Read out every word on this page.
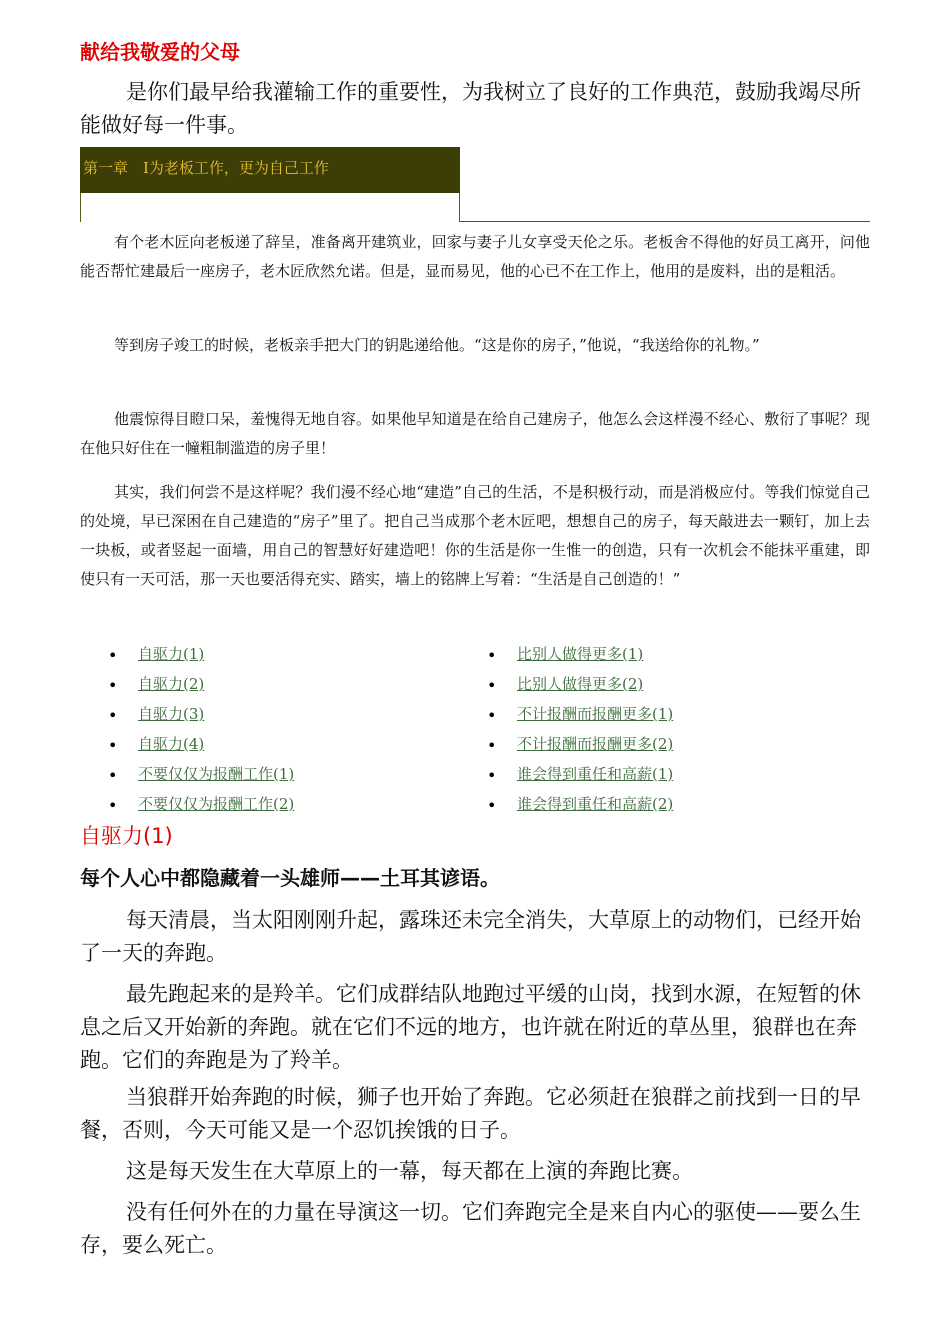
献给我敬爱的父母

是你们最早给我灌输工作的重要性，为我树立了良好的工作典范，鼓励我竭尽所能做好每一件事。

第一章　Ⅰ为老板工作，更为自己工作

有个老木匠向老板递了辞呈，准备离开建筑业，回家与妻子儿女享受天伦之乐。老板舍不得他的好员工离开，问他能否帮忙建最后一座房子，老木匠欣然允诺。但是，显而易见，他的心已不在工作上，他用的是废料，出的是粗活。

等到房子竣工的时候，老板亲手把大门的钥匙递给他。“这是你的房子，”他说，“我送给你的礼物。”

他震惊得目瞪口呆，羞愧得无地自容。如果他早知道是在给自己建房子，他怎么会这样漫不经心、敷衍了事呢？现在他只好住在一幢粗制滥造的房子里！

其实，我们何尝不是这样呢？我们漫不经心地“建造”自己的生活，不是积极行动，而是消极应付。等我们惊觉自己的处境，早已深困在自己建造的“房子”里了。把自己当成那个老木匠吧，想想自己的房子，每天敲进去一颗钉，加上去一块板，或者竖起一面墙，用自己的智慧好好建造吧！你的生活是你一生惟一的创造，只有一次机会不能抹平重建，即使只有一天可活，那一天也要活得充实、踏实，墙上的铭牌上写着：“生活是自己创造的！”

• 自驱力(1)
• 自驱力(2)
• 自驱力(3)
• 自驱力(4)
• 不要仅仅为报酬工作(1)
• 不要仅仅为报酬工作(2)
• 比别人做得更多(1)
• 比别人做得更多(2)
• 不计报酬而报酬更多(1)
• 不计报酬而报酬更多(2)
• 谁会得到重任和高薪(1)
• 谁会得到重任和高薪(2)
自驱力(1)

每个人心中都隐藏着一头雄师——土耳其谚语。

每天清晨，当太阳刚刚升起，露珠还未完全消失，大草原上的动物们，已经开始了一天的奔跑。

最先跑起来的是羚羊。它们成群结队地跑过平缓的山岗，找到水源，在短暂的休息之后又开始新的奔跑。就在它们不远的地方，也许就在附近的草丛里，狼群也在奔跑。它们的奔跑是为了羚羊。

当狼群开始奔跑的时候，狮子也开始了奔跑。它必须赶在狼群之前找到一日的早餐，否则，今天可能又是一个忍饥挨饿的日子。

这是每天发生在大草原上的一幕，每天都在上演的奔跑比赛。

没有任何外在的力量在导演这一切。它们奔跑完全是来自内心的驱使——要么生存，要么死亡。
